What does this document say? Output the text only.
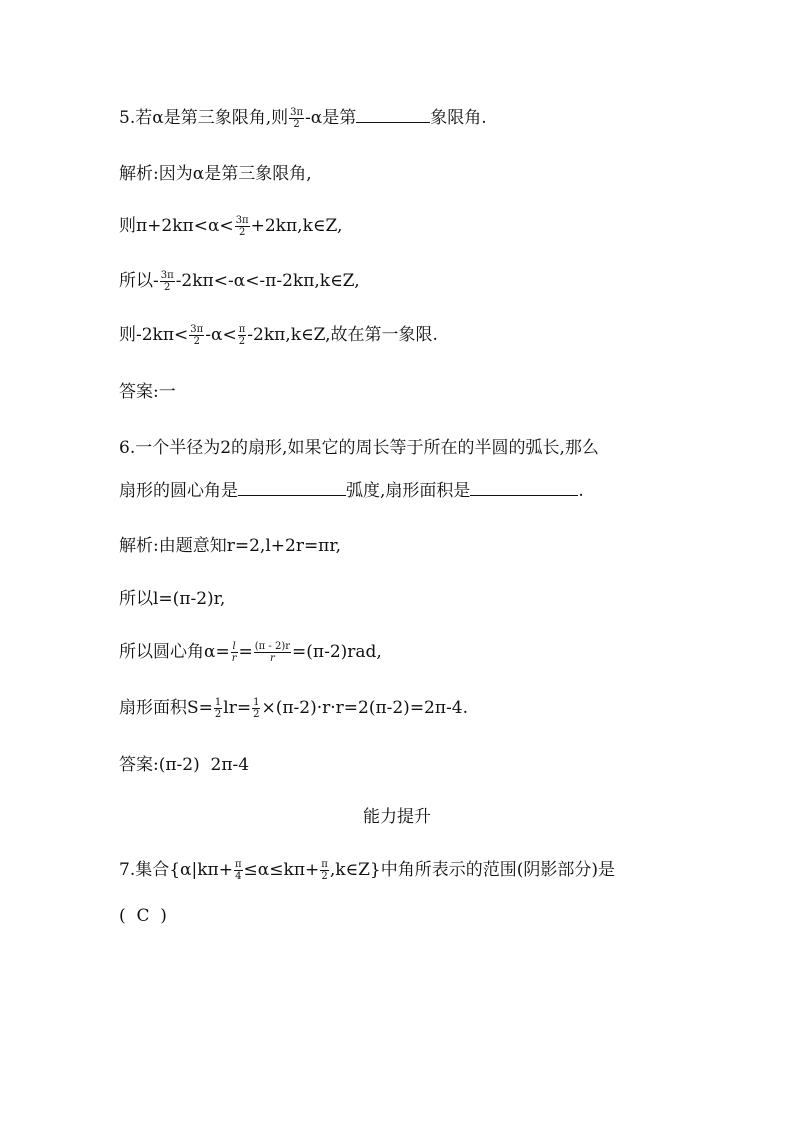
5.若α是第三象限角,则 $\frac{3\pi}{2} -\alpha$是第	象限角.
解析:因为α是第三象限角,
则$\pi+2k\pi<\alpha< \frac{3\pi}{2}$ +2kπ,k∈Z,
所以- $\frac{3\pi}{2}$ -2kπ<-α<-π-2kπ,k∈Z,
则$-2k\pi< \frac{3\pi}{2} -\alpha< \frac{\pi}{2}$ -2kπ,k∈Z,故在第一象限.
答案:一
6.一个半径为2的扇形,如果它的周长等于所在的半圆的弧长,那么
扇形的圆心角是	弧度,扇形面积是	.
解析:由题意知r=2,l+2r=πr,
所以l=(π-2)r,
所以圆心角$\alpha= \frac{l}{r} = \frac{(\pi - 2)r}{r} =(\pi-2)rad$,
扇形面积$S= \frac{1}{2} lr= \frac{1}{2} \times(\pi-2)\cdot r\cdot r=2(\pi-2)=2\pi-4$.
答案:(π-2)  2π-4
能力提升
7.集合{$\alpha|k\pi+ \frac{\pi}{4} \le\alpha\le k\pi+ \frac{\pi}{2}$ ,k∈Z}中角所表示的范围(阴影部分)是
(  C  )
